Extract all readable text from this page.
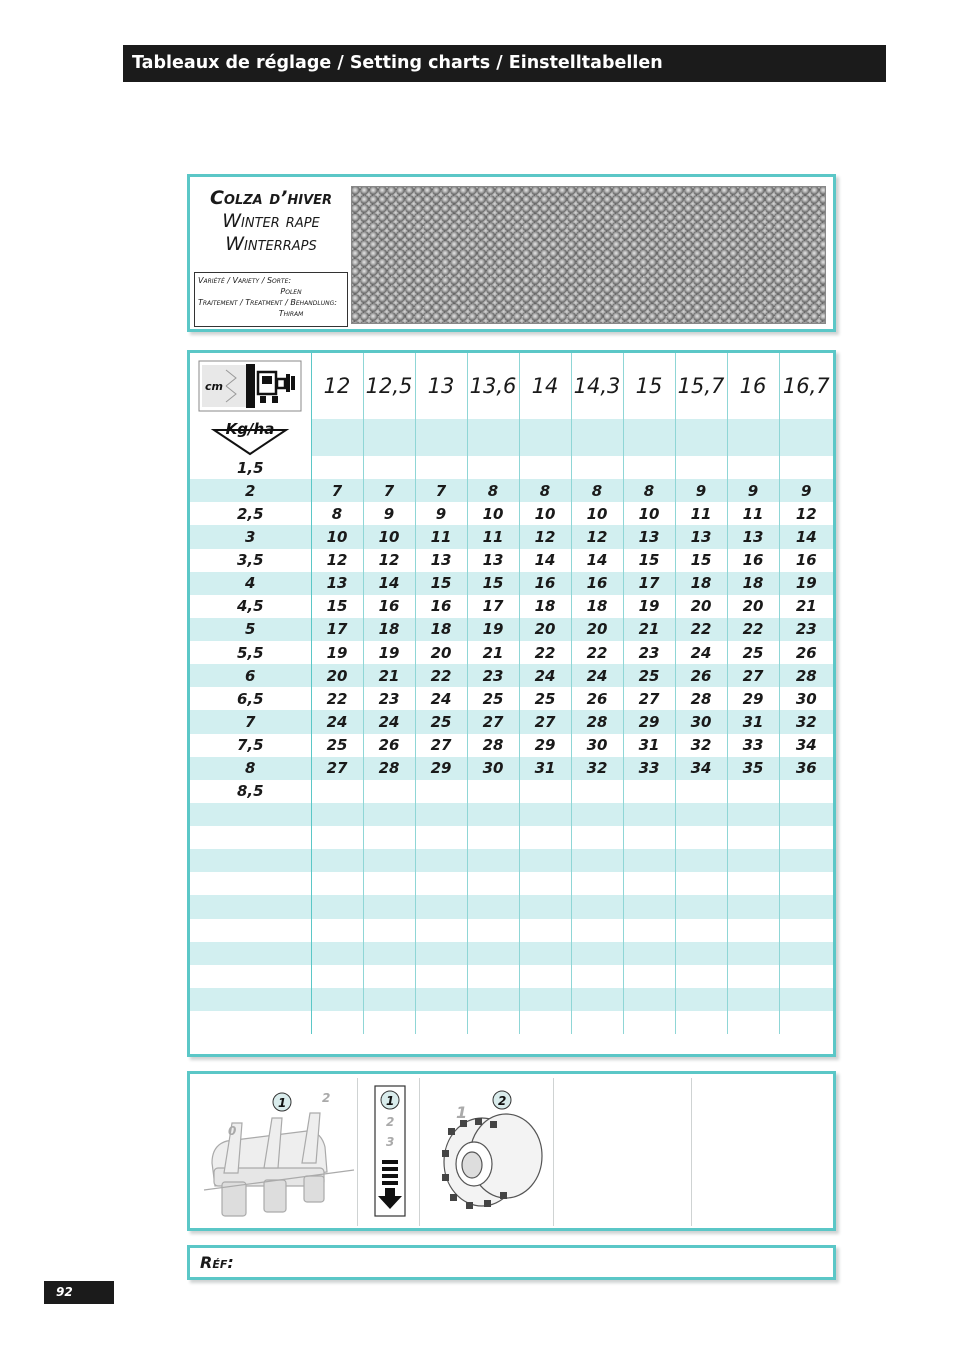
Tableaux de réglage / Setting charts / Einstelltabellen
Colza d’hiver
Winter rape
Winterraps
Variété / Variety / Sorte:
Polen
Traitement / Treatment / Behandlung:
Thiram
cm	12	12,5	13	13,6	14	14,3	15	15,7	16	16,7

Kg/ha										

1,5										
2	7	7	7	8	8	8	8	9	9	9
2,5	8	9	9	10	10	10	10	11	11	12
3	10	10	11	11	12	12	13	13	13	14
3,5	12	12	13	13	14	14	15	15	16	16
4	13	14	15	15	16	16	17	18	18	19
4,5	15	16	16	17	18	18	19	20	20	21
5	17	18	18	19	20	20	21	22	22	23
5,5	19	19	20	21	22	22	23	24	25	26
6	20	21	22	23	24	24	25	26	27	28
6,5	22	23	24	25	25	26	27	28	29	30
7	24	24	25	27	27	28	29	30	31	32
7,5	25	26	27	28	29	30	31	32	33	34
8	27	28	29	30	31	32	33	34	35	36
8,5										

0
1	2	1
2
3
1
2
Réf:
92
